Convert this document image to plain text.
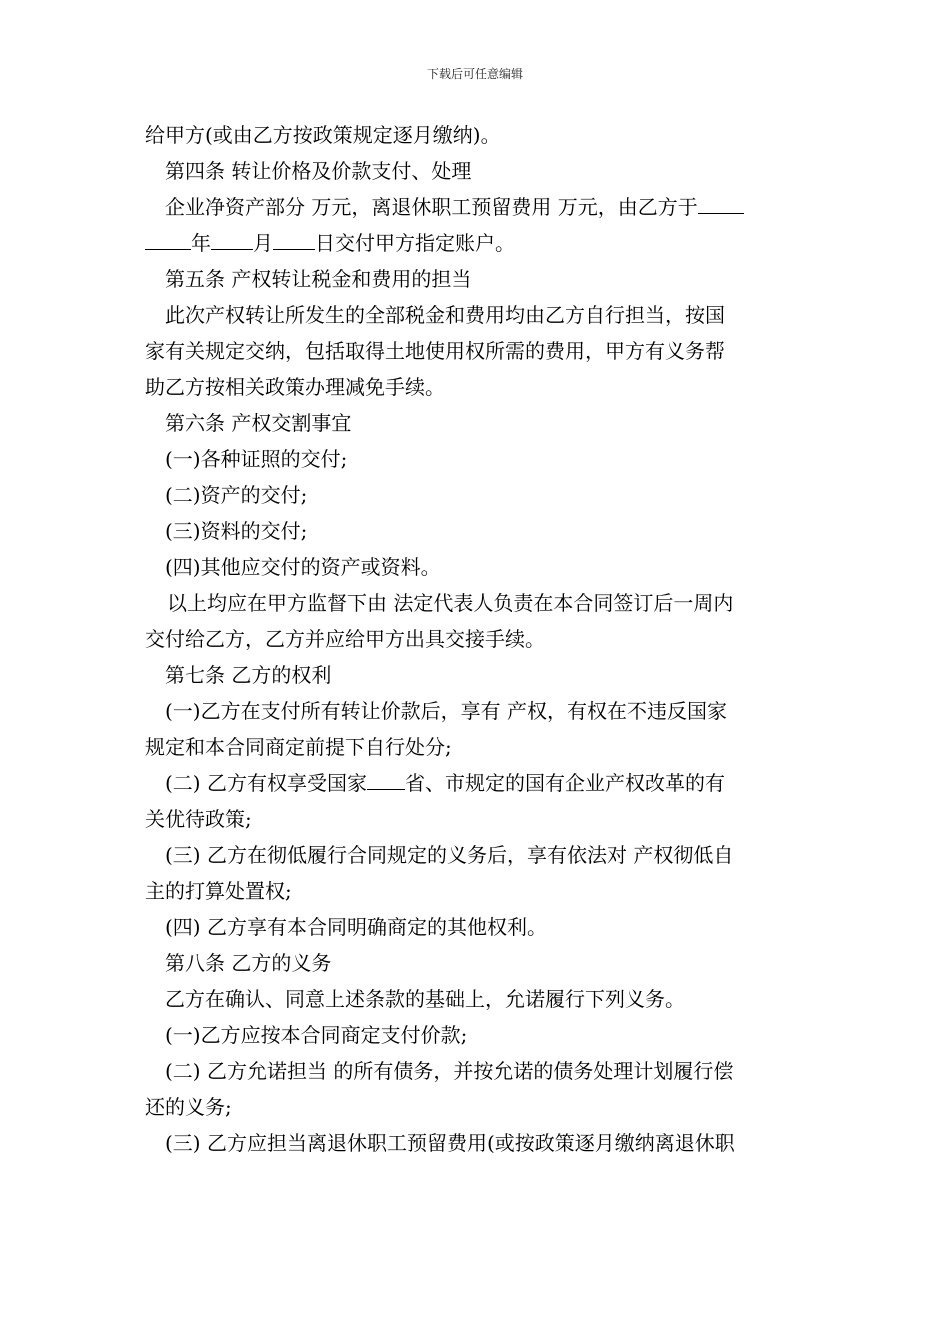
下载后可任意编辑
给甲方(或由乙方按政策规定逐月缴纳)。
第四条 转让价格及价款支付、处理
企业净资产部分 万元，离退休职工预留费用 万元，由乙方于
年 月 日交付甲方指定账户。
第五条 产权转让税金和费用的担当
此次产权转让所发生的全部税金和费用均由乙方自行担当，按国
家有关规定交纳，包括取得土地使用权所需的费用，甲方有义务帮
助乙方按相关政策办理减免手续。
第六条 产权交割事宜
(一)各种证照的交付;
(二)资产的交付;
(三)资料的交付;
(四)其他应交付的资产或资料。
以上均应在甲方监督下由 法定代表人负责在本合同签订后一周内
交付给乙方，乙方并应给甲方出具交接手续。
第七条 乙方的权利
(一)乙方在支付所有转让价款后，享有 产权，有权在不违反国家
规定和本合同商定前提下自行处分;
(二) 乙方有权享受国家 省、市规定的国有企业产权改革的有
关优待政策;
(三) 乙方在彻低履行合同规定的义务后，享有依法对 产权彻低自
主的打算处置权;
(四) 乙方享有本合同明确商定的其他权利。
第八条 乙方的义务
乙方在确认、同意上述条款的基础上，允诺履行下列义务。
(一)乙方应按本合同商定支付价款;
(二) 乙方允诺担当 的所有债务，并按允诺的债务处理计划履行偿
还的义务;
(三) 乙方应担当离退休职工预留费用(或按政策逐月缴纳离退休职
